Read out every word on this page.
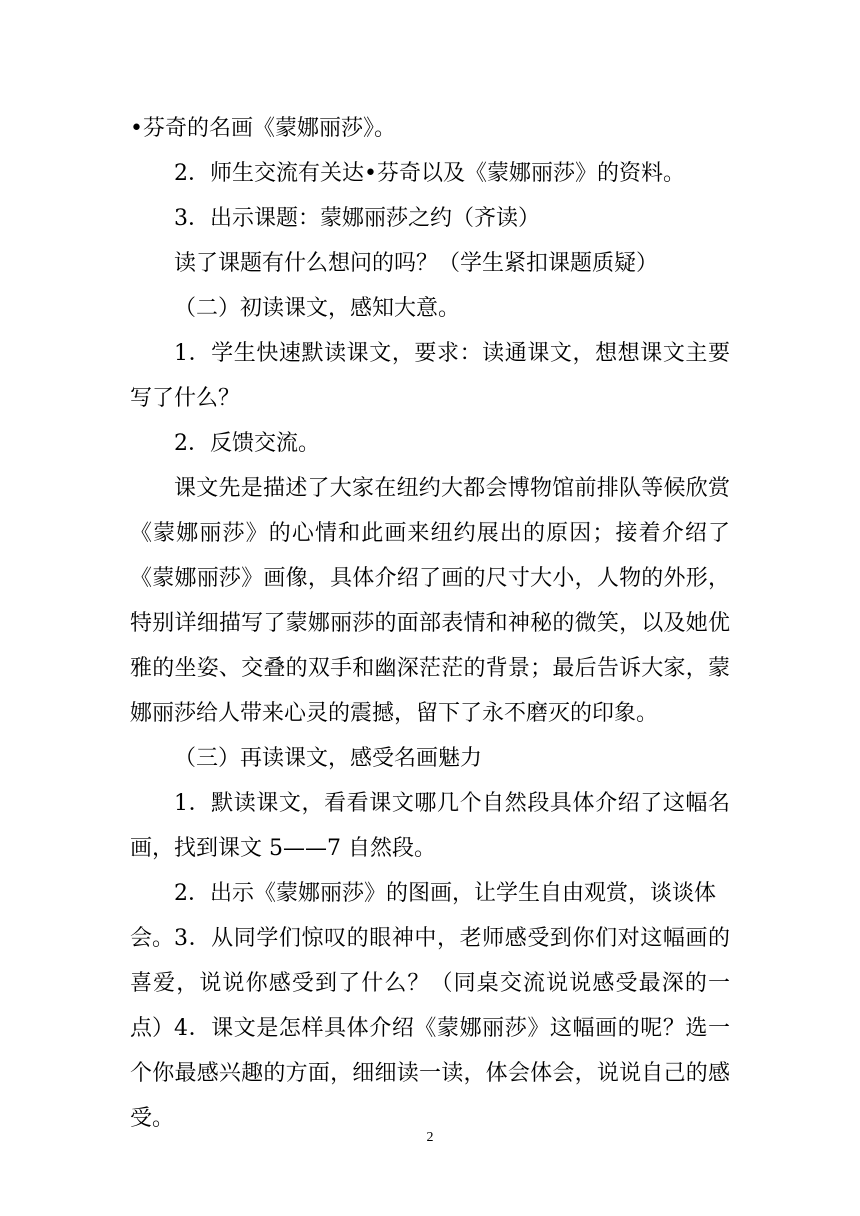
•芬奇的名画《蒙娜丽莎》。

2．师生交流有关达•芬奇以及《蒙娜丽莎》的资料。

3．出示课题：蒙娜丽莎之约（齐读）

读了课题有什么想问的吗？（学生紧扣课题质疑）

（二）初读课文，感知大意。

1．学生快速默读课文，要求：读通课文，想想课文主要写了什么？

2．反馈交流。

课文先是描述了大家在纽约大都会博物馆前排队等候欣赏《蒙娜丽莎》的心情和此画来纽约展出的原因；接着介绍了《蒙娜丽莎》画像，具体介绍了画的尺寸大小，人物的外形，特别详细描写了蒙娜丽莎的面部表情和神秘的微笑，以及她优雅的坐姿、交叠的双手和幽深茫茫的背景；最后告诉大家，蒙娜丽莎给人带来心灵的震撼，留下了永不磨灭的印象。

（三）再读课文，感受名画魅力

1．默读课文，看看课文哪几个自然段具体介绍了这幅名画，找到课文 5——7 自然段。

2．出示《蒙娜丽莎》的图画，让学生自由观赏，谈谈体会。 3．从同学们惊叹的眼神中，老师感受到你们对这幅画的喜爱，说说你感受到了什么？（同桌交流说说感受最深的一点） 4．课文是怎样具体介绍《蒙娜丽莎》这幅画的呢？选一个你最感兴趣的方面，细细读一读，体会体会，说说自己的感受。

2
